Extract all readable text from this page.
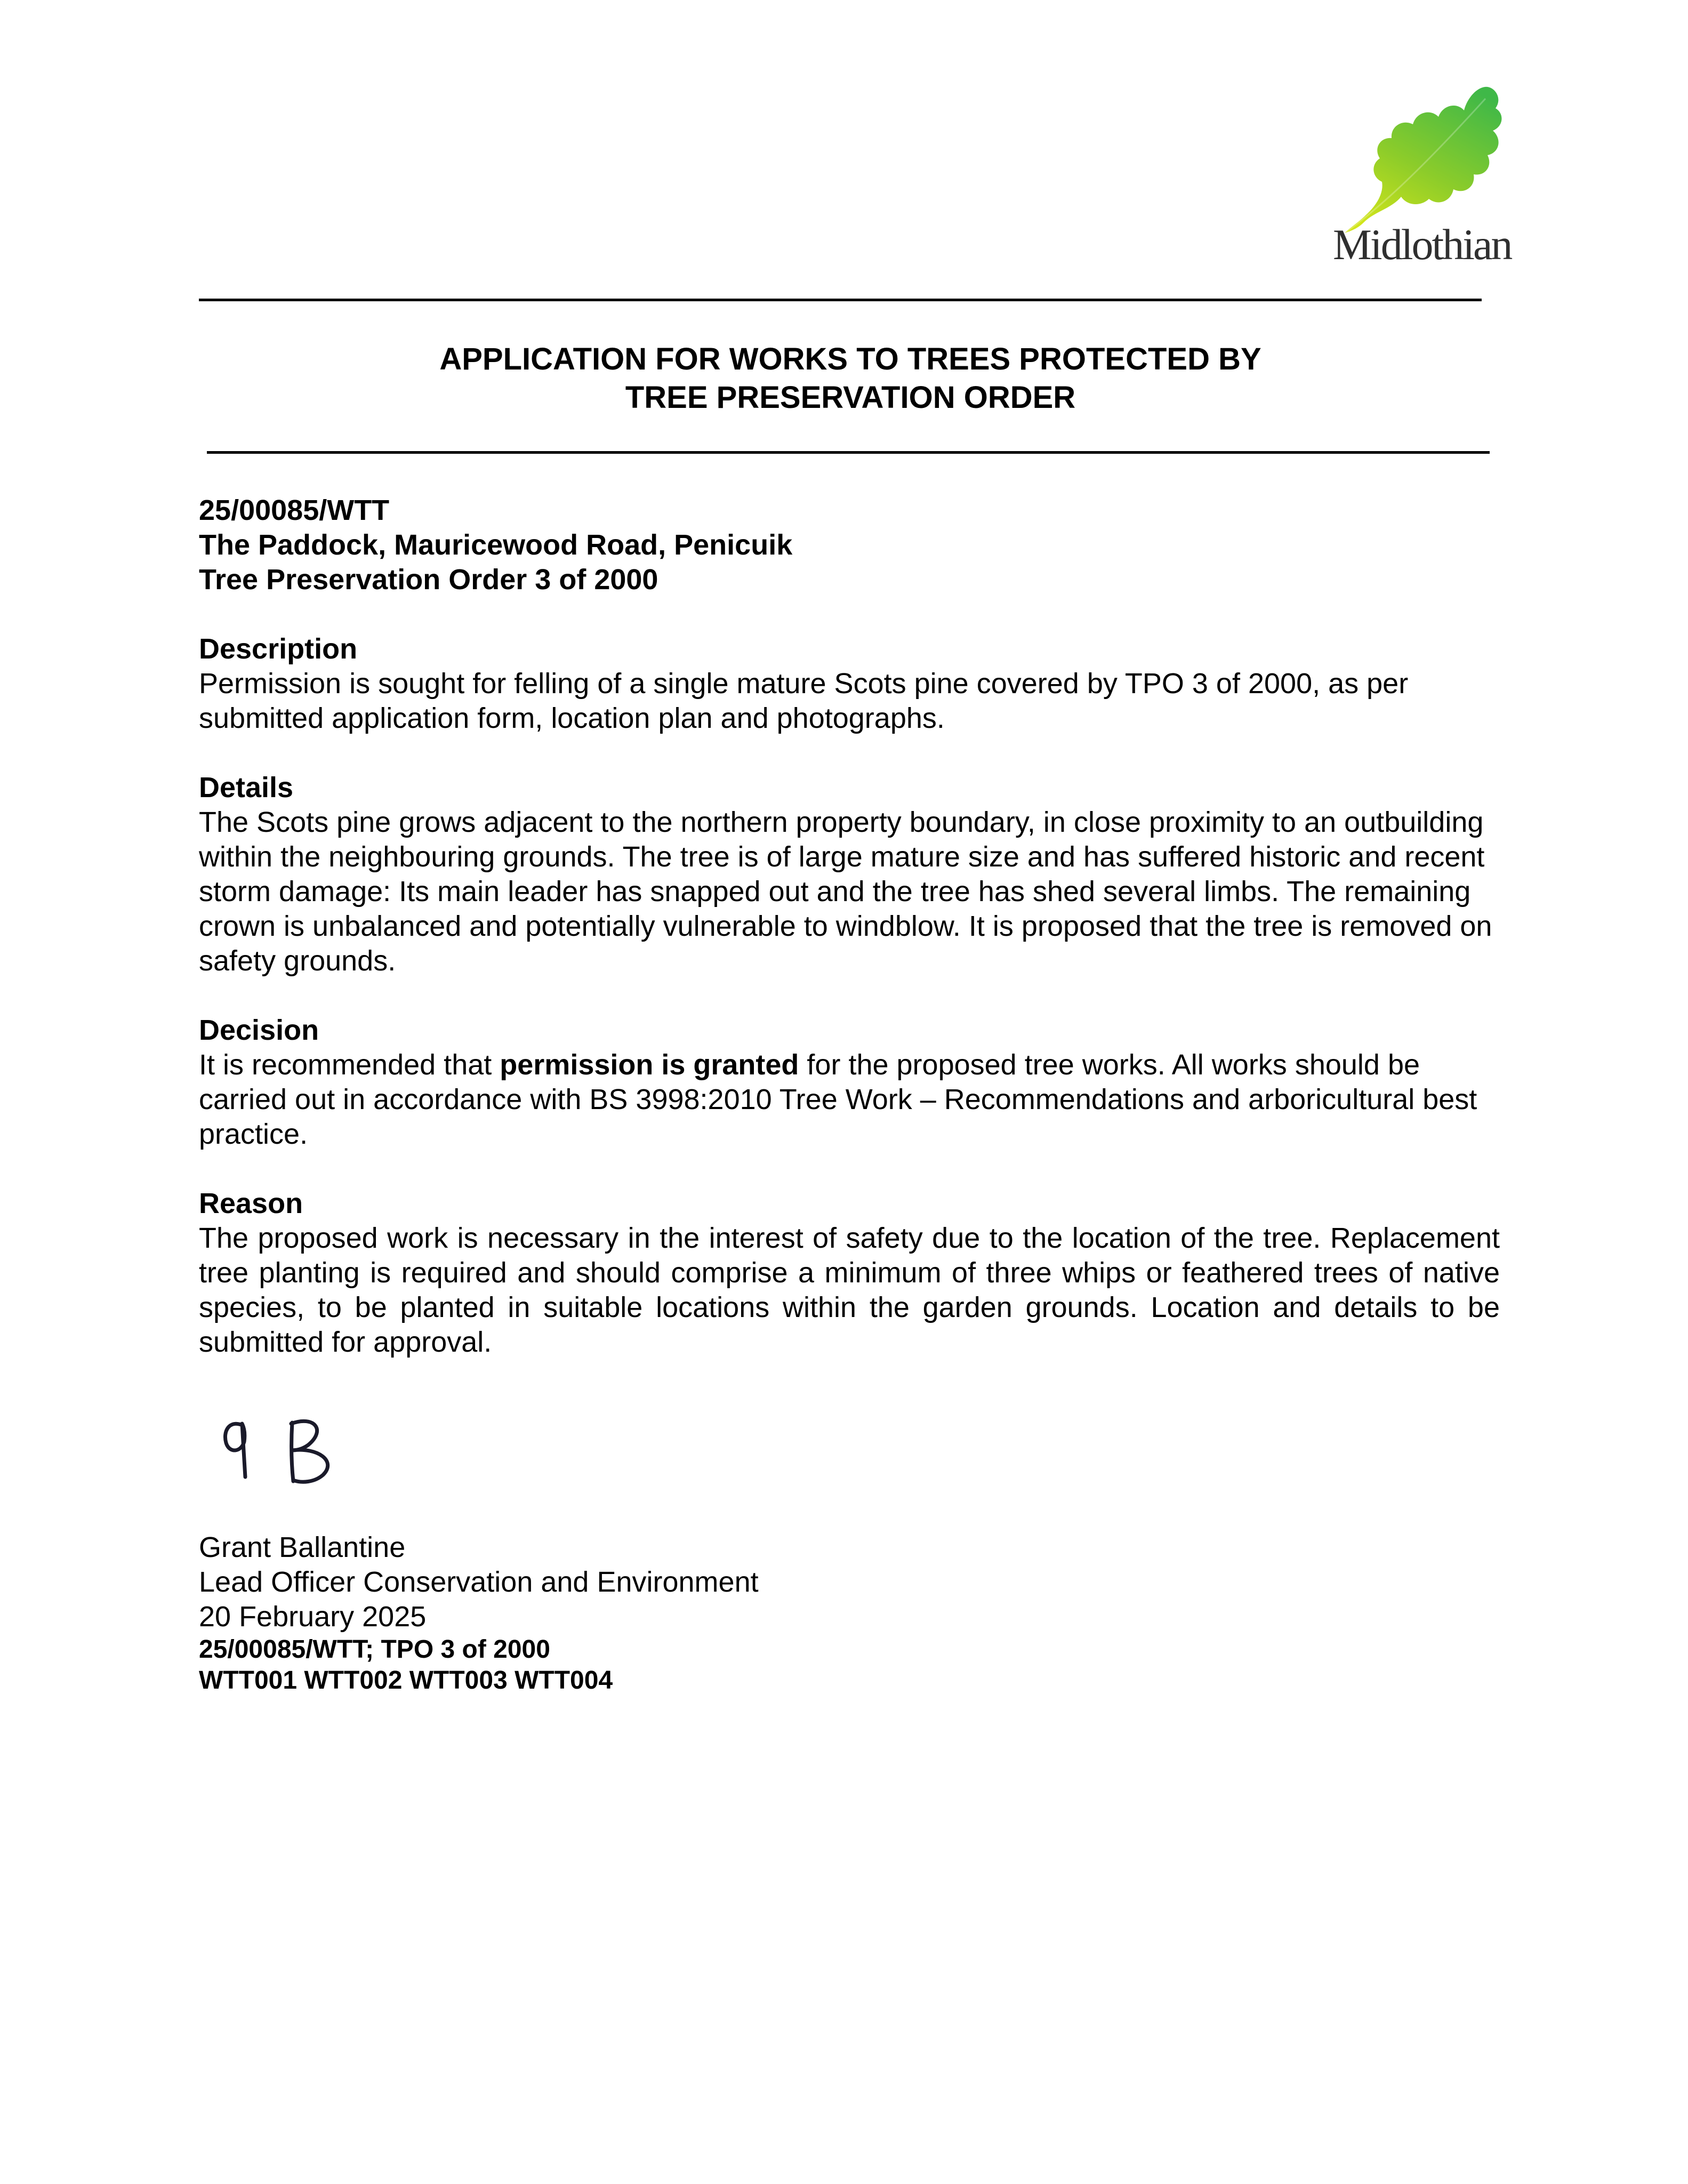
Midlothian
APPLICATION FOR WORKS TO TREES PROTECTED BY
TREE PRESERVATION ORDER
25/00085/WTT
The Paddock, Mauricewood Road, Penicuik
Tree Preservation Order 3 of 2000
Description
Permission is sought for felling of a single mature Scots pine covered by TPO 3 of 2000, as per submitted application form, location plan and photographs.
Details
The Scots pine grows adjacent to the northern property boundary, in close proximity to an outbuilding within the neighbouring grounds. The tree is of large mature size and has suffered historic and recent storm damage: Its main leader has snapped out and the tree has shed several limbs. The remaining crown is unbalanced and potentially vulnerable to windblow. It is proposed that the tree is removed on safety grounds.
Decision
It is recommended that permission is granted for the proposed tree works. All works should be carried out in accordance with BS 3998:2010 Tree Work – Recommendations and arboricultural best practice.
Reason
The proposed work is necessary in the interest of safety due to the location of the tree. Replacement tree planting is required and should comprise a minimum of three whips or feathered trees of native species, to be planted in suitable locations within the garden grounds. Location and details to be submitted for approval.
Grant Ballantine
Lead Officer Conservation and Environment
20 February 2025
25/00085/WTT; TPO 3 of 2000
WTT001 WTT002 WTT003 WTT004
